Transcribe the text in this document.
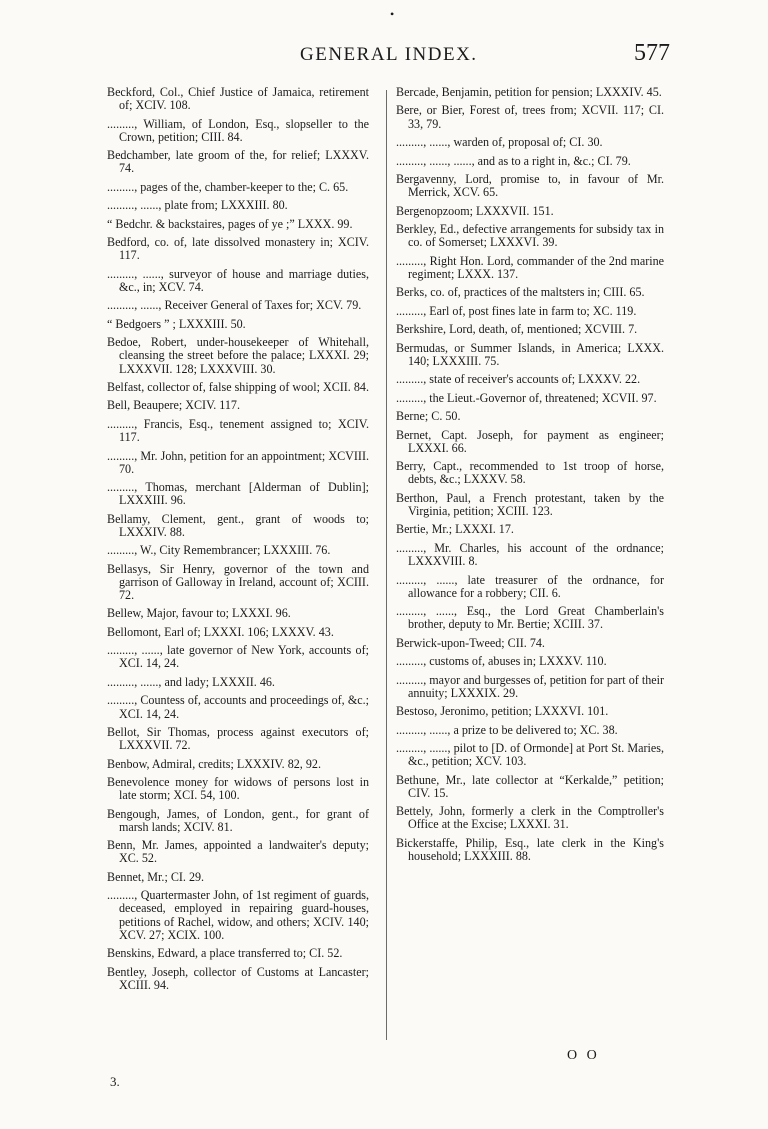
•
GENERAL INDEX.	577

Beckford, Col., Chief Justice of Jamaica, retirement of; XCIV. 108.

........., William, of London, Esq., slopseller to the Crown, petition; CIII. 84.

Bedchamber, late groom of the, for relief; LXXXV. 74.

........., pages of the, chamber-keeper to the; C. 65.

........., ......, plate from; LXXXIII. 80.

“ Bedchr. & backstaires, pages of ye ;” LXXX. 99.

Bedford, co. of, late dissolved monastery in; XCIV. 117.

........., ......, surveyor of house and marriage duties, &c., in; XCV. 74.

........., ......, Receiver General of Taxes for; XCV. 79.

“ Bedgoers ” ; LXXXIII. 50.

Bedoe, Robert, under-housekeeper of Whitehall, cleansing the street before the palace; LXXXI. 29; LXXXVII. 128; LXXXVIII. 30.

Belfast, collector of, false shipping of wool; XCII. 84.

Bell, Beaupere; XCIV. 117.

........., Francis, Esq., tenement assigned to; XCIV. 117.

........., Mr. John, petition for an appointment; XCVIII. 70.

........., Thomas, merchant [Alderman of Dublin]; LXXXIII. 96.

Bellamy, Clement, gent., grant of woods to; LXXXIV. 88.

........., W., City Remembrancer; LXXXIII. 76.

Bellasys, Sir Henry, governor of the town and garrison of Galloway in Ireland, account of; XCIII. 72.

Bellew, Major, favour to; LXXXI. 96.

Bellomont, Earl of; LXXXI. 106; LXXXV. 43.

........., ......, late governor of New York, accounts of; XCI. 14, 24.

........., ......, and lady; LXXXII. 46.

........., Countess of, accounts and proceedings of, &c.; XCI. 14, 24.

Bellot, Sir Thomas, process against executors of; LXXXVII. 72.

Benbow, Admiral, credits; LXXXIV. 82, 92.

Benevolence money for widows of persons lost in late storm; XCI. 54, 100.

Bengough, James, of London, gent., for grant of marsh lands; XCIV. 81.

Benn, Mr. James, appointed a landwaiter's deputy; XC. 52.

Bennet, Mr.; CI. 29.

........., Quartermaster John, of 1st regiment of guards, deceased, employed in repairing guard-houses, petitions of Rachel, widow, and others; XCIV. 140; XCV. 27; XCIX. 100.

Benskins, Edward, a place transferred to; CI. 52.

Bentley, Joseph, collector of Customs at Lancaster; XCIII. 94.

Bercade, Benjamin, petition for pension; LXXXIV. 45.

Bere, or Bier, Forest of, trees from; XCVII. 117; CI. 33, 79.

........., ......, warden of, proposal of; CI. 30.

........., ......, ......, and as to a right in, &c.; CI. 79.

Bergavenny, Lord, promise to, in favour of Mr. Merrick, XCV. 65.

Bergenopzoom; LXXXVII. 151.

Berkley, Ed., defective arrangements for subsidy tax in co. of Somerset; LXXXVI. 39.

........., Right Hon. Lord, commander of the 2nd marine regiment; LXXX. 137.

Berks, co. of, practices of the maltsters in; CIII. 65.

........., Earl of, post fines late in farm to; XC. 119.

Berkshire, Lord, death, of, mentioned; XCVIII. 7.

Bermudas, or Summer Islands, in America; LXXX. 140; LXXXIII. 75.

........., state of receiver's accounts of; LXXXV. 22.

........., the Lieut.-Governor of, threatened; XCVII. 97.

Berne; C. 50.

Bernet, Capt. Joseph, for payment as engineer; LXXXI. 66.

Berry, Capt., recommended to 1st troop of horse, debts, &c.; LXXXV. 58.

Berthon, Paul, a French protestant, taken by the Virginia, petition; XCIII. 123.

Bertie, Mr.; LXXXI. 17.

........., Mr. Charles, his account of the ordnance; LXXXVIII. 8.

........., ......, late treasurer of the ordnance, for allowance for a robbery; CII. 6.

........., ......, Esq., the Lord Great Chamberlain's brother, deputy to Mr. Bertie; XCIII. 37.

Berwick-upon-Tweed; CII. 74.

........., customs of, abuses in; LXXXV. 110.

........., mayor and burgesses of, petition for part of their annuity; LXXXIX. 29.

Bestoso, Jeronimo, petition; LXXXVI. 101.

........., ......, a prize to be delivered to; XC. 38.

........., ......, pilot to [D. of Ormonde] at Port St. Maries, &c., petition; XCV. 103.

Bethune, Mr., late collector at “Kerkalde,” petition; CIV. 15.

Bettely, John, formerly a clerk in the Comptroller's Office at the Excise; LXXXI. 31.

Bickerstaffe, Philip, Esq., late clerk in the King's household; LXXXIII. 88.

3.
O O
